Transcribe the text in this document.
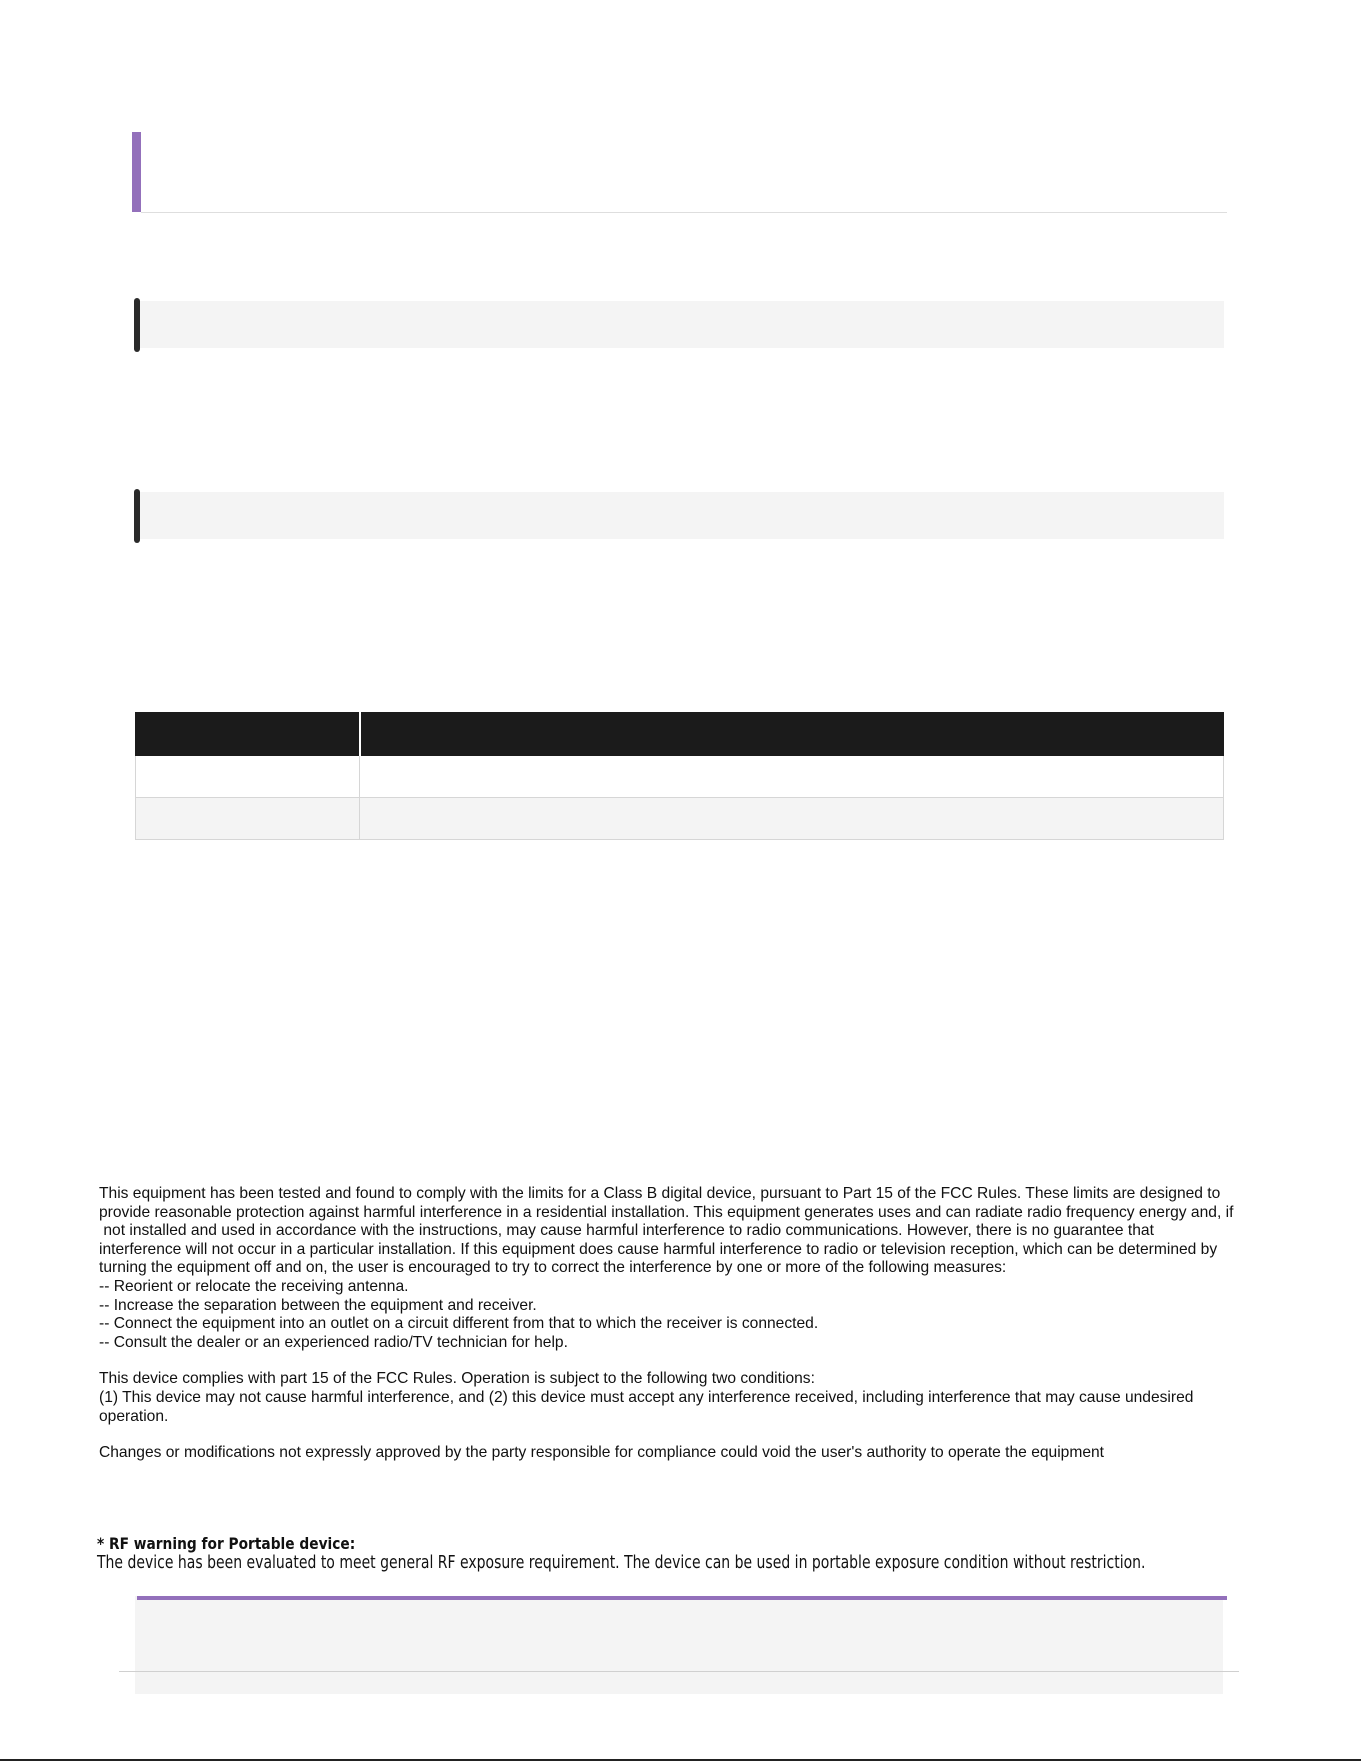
This equipment has been tested and found to comply with the limits for a Class B digital device, pursuant to Part 15 of the FCC Rules. These limits are designed to
provide reasonable protection against harmful interference in a residential installation. This equipment generates uses and can radiate radio frequency energy and, if
not installed and used in accordance with the instructions, may cause harmful interference to radio communications. However, there is no guarantee that
interference will not occur in a particular installation. If this equipment does cause harmful interference to radio or television reception, which can be determined by
turning the equipment off and on, the user is encouraged to try to correct the interference by one or more of the following measures:

-- Reorient or relocate the receiving antenna.

-- Increase the separation between the equipment and receiver.

-- Connect the equipment into an outlet on a circuit different from that to which the receiver is connected.

-- Consult the dealer or an experienced radio/TV technician for help.

This device complies with part 15 of the FCC Rules. Operation is subject to the following two conditions:
(1) This device may not cause harmful interference, and (2) this device must accept any interference received, including interference that may cause undesired
operation.

Changes or modifications not expressly approved by the party responsible for compliance could void the user's authority to operate the equipment

* RF warning for Portable device:
The device has been evaluated to meet general RF exposure requirement. The device can be used in portable exposure condition without restriction.
